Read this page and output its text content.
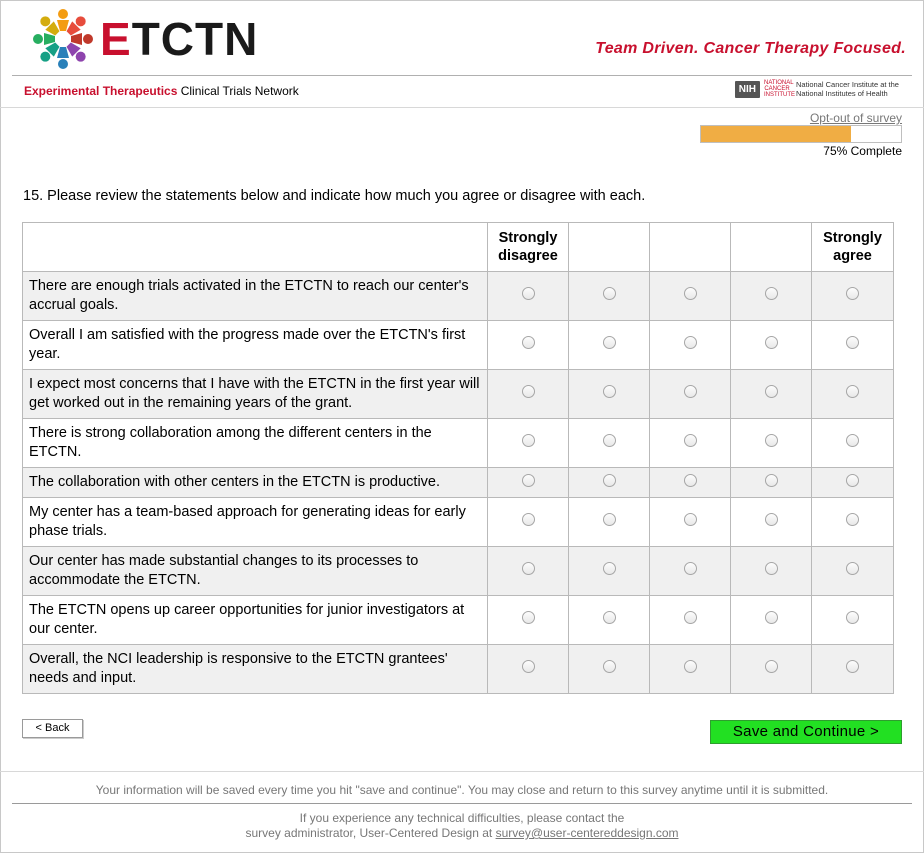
ETCTN	Team Driven. Cancer Therapy Focused.
Experimental Therapeutics Clinical Trials Network	NIH
NATIONAL CANCER INSTITUTE
National Cancer Institute at the National Institutes of Health
Opt-out of survey
75% Complete
15. Please review the statements below and indicate how much you agree or disagree with each.
	Strongly
disagree				Strongly
agree
There are enough trials activated in the ETCTN to reach our center's accrual goals.					
Overall I am satisfied with the progress made over the ETCTN's first year.					
I expect most concerns that I have with the ETCTN in the first year will get worked out in the remaining years of the grant.					
There is strong collaboration among the different centers in the ETCTN.					
The collaboration with other centers in the ETCTN is productive.					
My center has a team-based approach for generating ideas for early phase trials.					
Our center has made substantial changes to its processes to accommodate the ETCTN.					
The ETCTN opens up career opportunities for junior investigators at our center.					
Overall, the NCI leadership is responsive to the ETCTN grantees' needs and input.					
< Back	Save and Continue >
Your information will be saved every time you hit "save and continue". You may close and return to this survey anytime until it is submitted.
If you experience any technical difficulties, please contact the
survey administrator, User-Centered Design at survey@user-centereddesign.com
